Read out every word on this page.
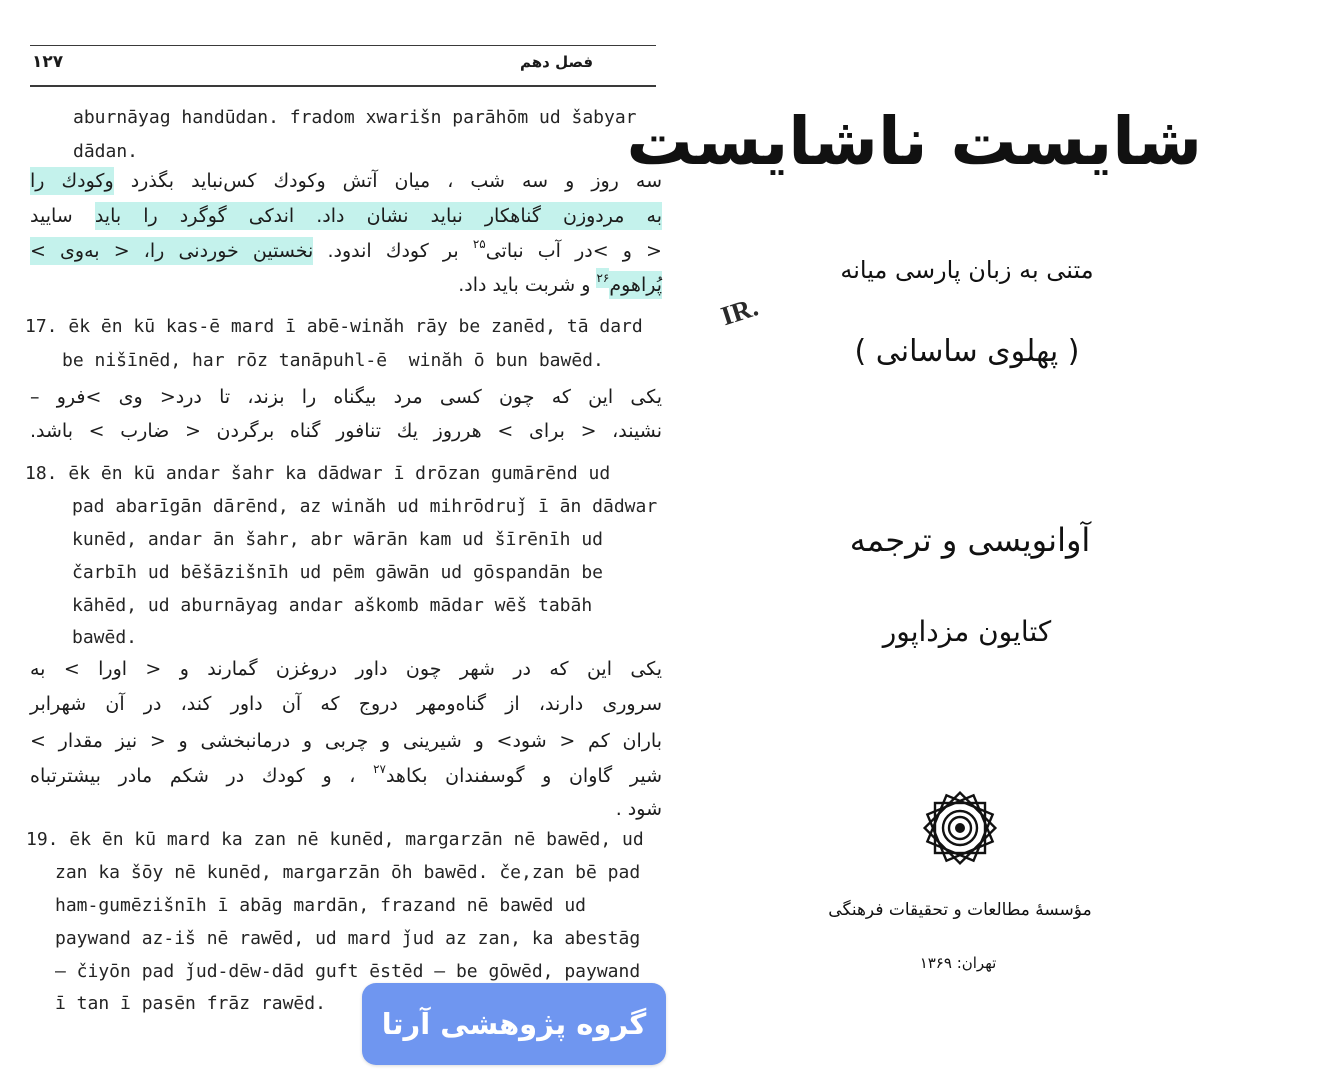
۱۲۷	فصل دهم
aburnāyag handūdan. fradom xwarišn parāhōm ud šabyar
dādan.
سه روز و سه شب ، میان آتش وکودك کس‌نباید بگذرد وکودك را
به مردوزن گناهکار نباید نشان داد. اندکی گوگرد را باید سایید
< و >در آب نباتی$^{۲۵}$ بر کودك اندود. نخستین خوردنی را، < به‌وی >
پُراهوم$^{۲۶}$ و شربت باید داد.
17. ēk ēn kū kas-ē mard ī abē-winăh rāy be zanēd, tā dard
be nišīnēd, har rōz tanāpuhl-ē  winăh ō bun bawēd.
یکی این که چون کسی مرد بیگناه را بزند، تا درد< وی >فرو –
نشیند، < برای > هرروز یك تنافور گناه برگردن < ضارب > باشد.
18. ēk ēn kū andar šahr ka dādwar ī drōzan gumārēnd ud
pad abarīgān dārēnd, az winăh ud mihrōdruǰ ī ān dādwar
kunēd, andar ān šahr, abr wārān kam ud šīrēnīh ud
čarbīh ud bēšāzišnīh ud pēm gāwān ud gōspandān be
kāhēd, ud aburnāyag andar aškomb mādar wēš tabāh
bawēd.
یکی این که در شهر چون داور دروغزن گمارند و < اورا > به
سروری دارند، از گناه‌ومهر دروج که آن داور کند، در آن شهرابر
باران کم < شود> و شیرینی و چربی و درمانبخشی و < نیز مقدار >
شیر گاوان و گوسفندان بکاهد$^{۲۷}$ ، و کودك در شکم مادر بیشترتباه
شود .
19. ēk ēn kū mard ka zan nē kunēd, margarzān nē bawēd, ud
zan ka šōy nē kunēd, margarzān ōh bawēd. če,zan bē pad
ham-gumēzišnīh ī abāg mardān, frazand nē bawēd ud
paywand az-iš nē rawēd, ud mard ǰud az zan, ka abestāg
— čiyōn pad ǰud-dēw-dād guft ēstēd — be gōwēd, paywand
ī tan ī pasēn frāz rawēd.
شایست ناشایست
متنی به زبان پارسی میانه
IR.
( پهلوی ساسانی )
آوانویسی و ترجمه
کتایون مزداپور
مؤسسهٔ مطالعات و تحقیقات فرهنگی
تهران: ۱۳۶۹
گروه پژوهشی آرتا
